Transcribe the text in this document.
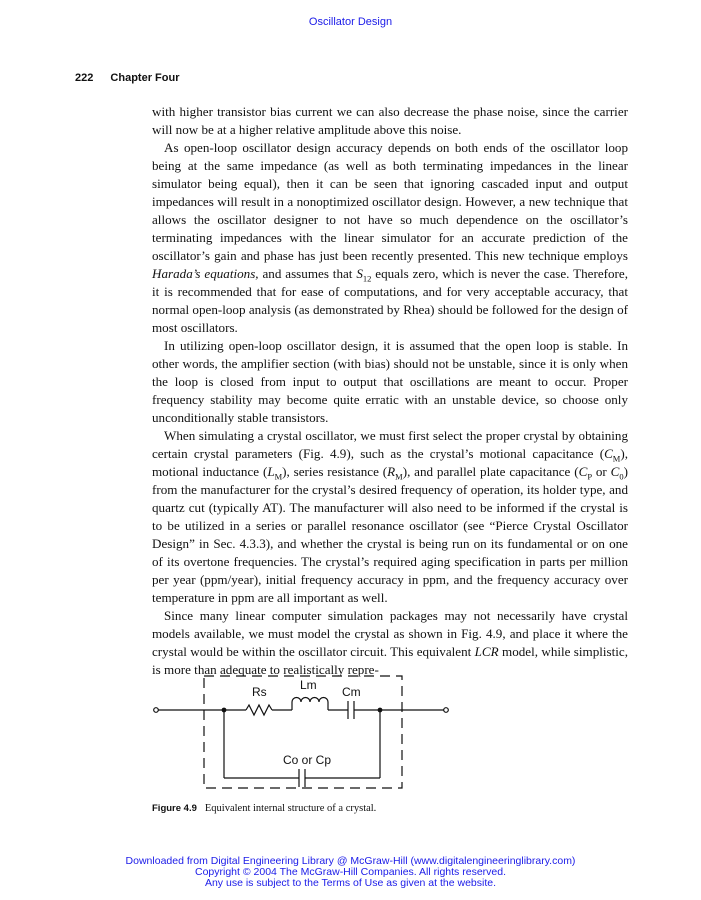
Oscillator Design
222 Chapter Four

with higher transistor bias current we can also decrease the phase noise, since the carrier will now be at a higher relative amplitude above this noise.

As open-loop oscillator design accuracy depends on both ends of the oscillator loop being at the same impedance (as well as both terminating impedances in the linear simulator being equal), then it can be seen that ignoring cascaded input and output impedances will result in a nonoptimized oscillator design. However, a new technique that allows the oscillator designer to not have so much dependence on the oscillator’s terminating impedances with the linear simulator for an accurate prediction of the oscillator’s gain and phase has just been recently presented. This new technique employs Harada’s equations, and assumes that $S_{12}$ equals zero, which is never the case. Therefore, it is recommended that for ease of computations, and for very acceptable accuracy, that normal open-loop analysis (as demonstrated by Rhea) should be followed for the design of most oscillators.

In utilizing open-loop oscillator design, it is assumed that the open loop is stable. In other words, the amplifier section (with bias) should not be unstable, since it is only when the loop is closed from input to output that oscillations are meant to occur. Proper frequency stability may become quite erratic with an unstable device, so choose only unconditionally stable transistors.

When simulating a crystal oscillator, we must first select the proper crystal by obtaining certain crystal parameters (Fig. 4.9), such as the crystal’s motional capacitance $(C_M)$, motional inductance $(L_M)$, series resistance $(R_M)$, and parallel plate capacitance ($C_P$ or $C_0$) from the manufacturer for the crystal’s desired frequency of operation, its holder type, and quartz cut (typically AT). The manufacturer will also need to be informed if the crystal is to be utilized in a series or parallel resonance oscillator (see “Pierce Crystal Oscillator Design” in Sec. 4.3.3), and whether the crystal is being run on its fundamental or on one of its overtone frequencies. The crystal’s required aging specification in parts per million per year (ppm/year), initial frequency accuracy in ppm, and the frequency accuracy over temperature in ppm are all important as well.

Since many linear computer simulation packages may not necessarily have crystal models available, we must model the crystal as shown in Fig. 4.9, and place it where the crystal would be within the oscillator circuit. This equivalent LCR model, while simplistic, is more than adequate to realistically repre-

Rs	Lm Cm
Co or Cp
Figure 4.9 Equivalent internal structure of a crystal.
Downloaded from Digital Engineering Library @ McGraw-Hill (www.digitalengineeringlibrary.com)
Copyright © 2004 The McGraw-Hill Companies. All rights reserved.
Any use is subject to the Terms of Use as given at the website.
